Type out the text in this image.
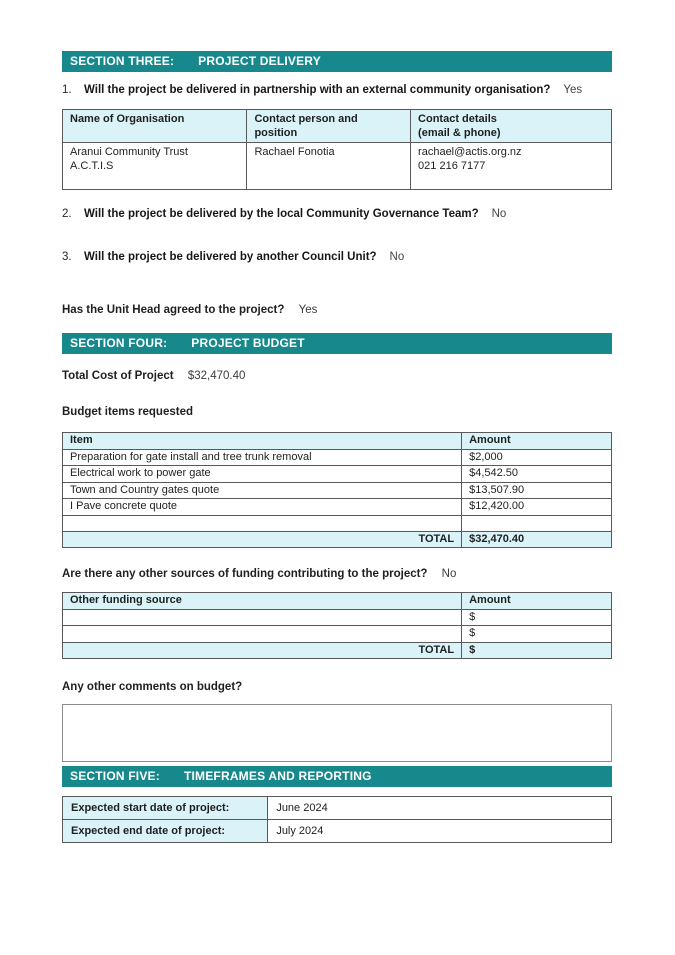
SECTION THREE: PROJECT DELIVERY
1.	Will the project be delivered in partnership with an external community organisation? Yes
Name of Organisation	Contact person and position	Contact details
(email & phone)

Aranui Community Trust
A.C.T.I.S
	Rachael Fonotia	rachael@actis.org.nz
021 216 7177
2.	Will the project be delivered by the local Community Governance Team? No
3.	Will the project be delivered by another Council Unit? No
Has the Unit Head agreed to the project? Yes
SECTION FOUR: PROJECT BUDGET
Total Cost of Project $32,470.40
Budget items requested
Item	Amount
Preparation for gate install and tree trunk removal	$2,000
Electrical work to power gate	$4,542.50
Town and Country gates quote	$13,507.90
I Pave concrete quote	$12,420.00

TOTAL	$32,470.40
Are there any other sources of funding contributing to the project? No
Other funding source	Amount
	$
	$
TOTAL	$
Any other comments on budget?
SECTION FIVE: TIMEFRAMES AND REPORTING
Expected start date of project:	June 2024
Expected end date of project:	July 2024
